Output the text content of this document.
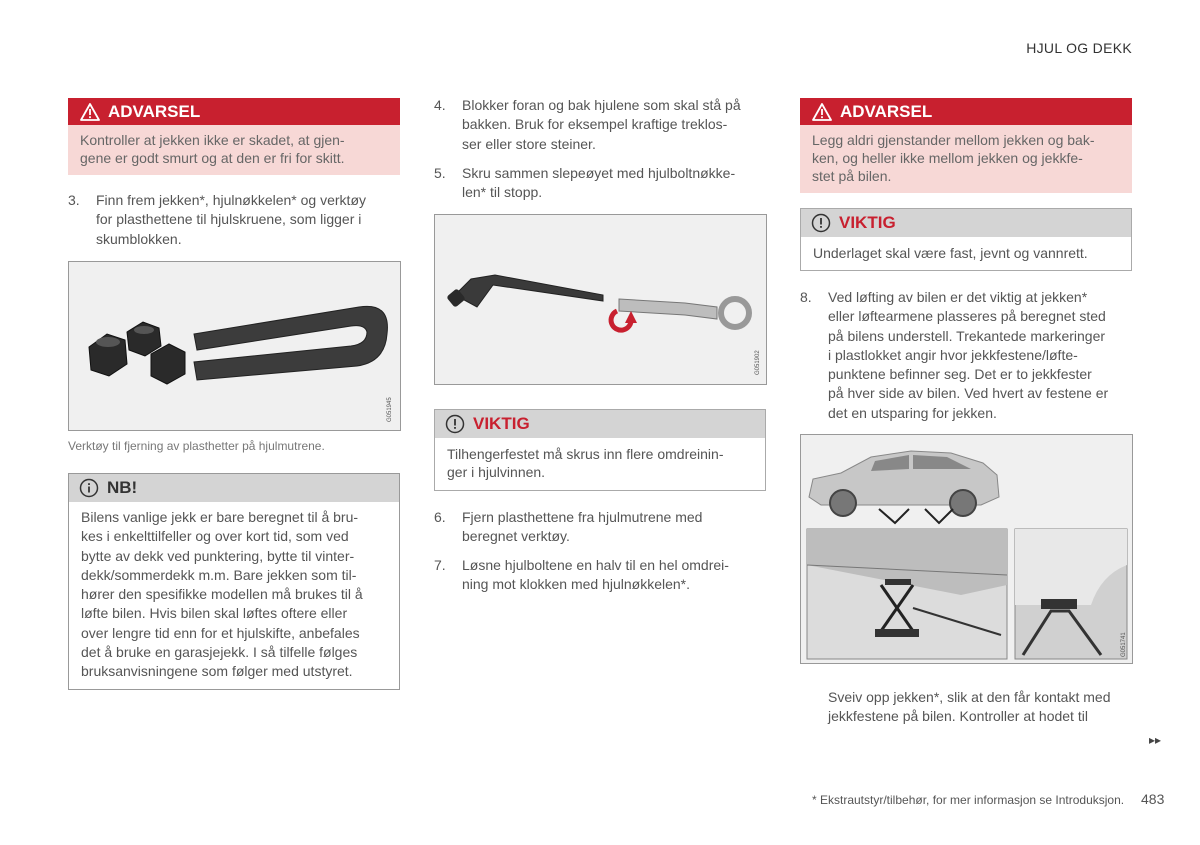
HJUL OG DEKK
ADVARSEL
Kontroller at jekken ikke er skadet, at gjen-
gene er godt smurt og at den er fri for skitt.
3. Finn frem jekken*, hjulnøkkelen* og verktøy
for plasthettene til hjulskruene, som ligger i
skumblokken.
G051945
Verktøy til fjerning av plasthetter på hjulmutrene.
NB!
Bilens vanlige jekk er bare beregnet til å bru-
kes i enkelttilfeller og over kort tid, som ved
bytte av dekk ved punktering, bytte til vinter-
dekk/sommerdekk m.m. Bare jekken som til-
hører den spesifikke modellen må brukes til å
løfte bilen. Hvis bilen skal løftes oftere eller
over lengre tid enn for et hjulskifte, anbefales
det å bruke en garasjejekk. I så tilfelle følges
bruksanvisningene som følger med utstyret.
4. Blokker foran og bak hjulene som skal stå på
bakken. Bruk for eksempel kraftige treklos-
ser eller store steiner.
5. Skru sammen slepeøyet med hjulboltnøkke-
len* til stopp.
G051902
VIKTIG
Tilhengerfestet må skrus inn flere omdreinin-
ger i hjulvinnen.
6. Fjern plasthettene fra hjulmutrene med
beregnet verktøy.
7. Løsne hjulboltene en halv til en hel omdrei-
ning mot klokken med hjulnøkkelen*.
ADVARSEL
Legg aldri gjenstander mellom jekken og bak-
ken, og heller ikke mellom jekken og jekkfe-
stet på bilen.
VIKTIG
Underlaget skal være fast, jevnt og vannrett.
8. Ved løfting av bilen er det viktig at jekken*
eller løftearmene plasseres på beregnet sted
på bilens understell. Trekantede markeringer
i plastlokket angir hvor jekkfestene/løfte-
punktene befinner seg. Det er to jekkfester
på hver side av bilen. Ved hvert av festene er
det en utsparing for jekken.
G051741
Sveiv opp jekken*, slik at den får kontakt med
jekkfestene på bilen. Kontroller at hodet til
▸▸
* Ekstrautstyr/tilbehør, for mer informasjon se Introduksjon. 483
